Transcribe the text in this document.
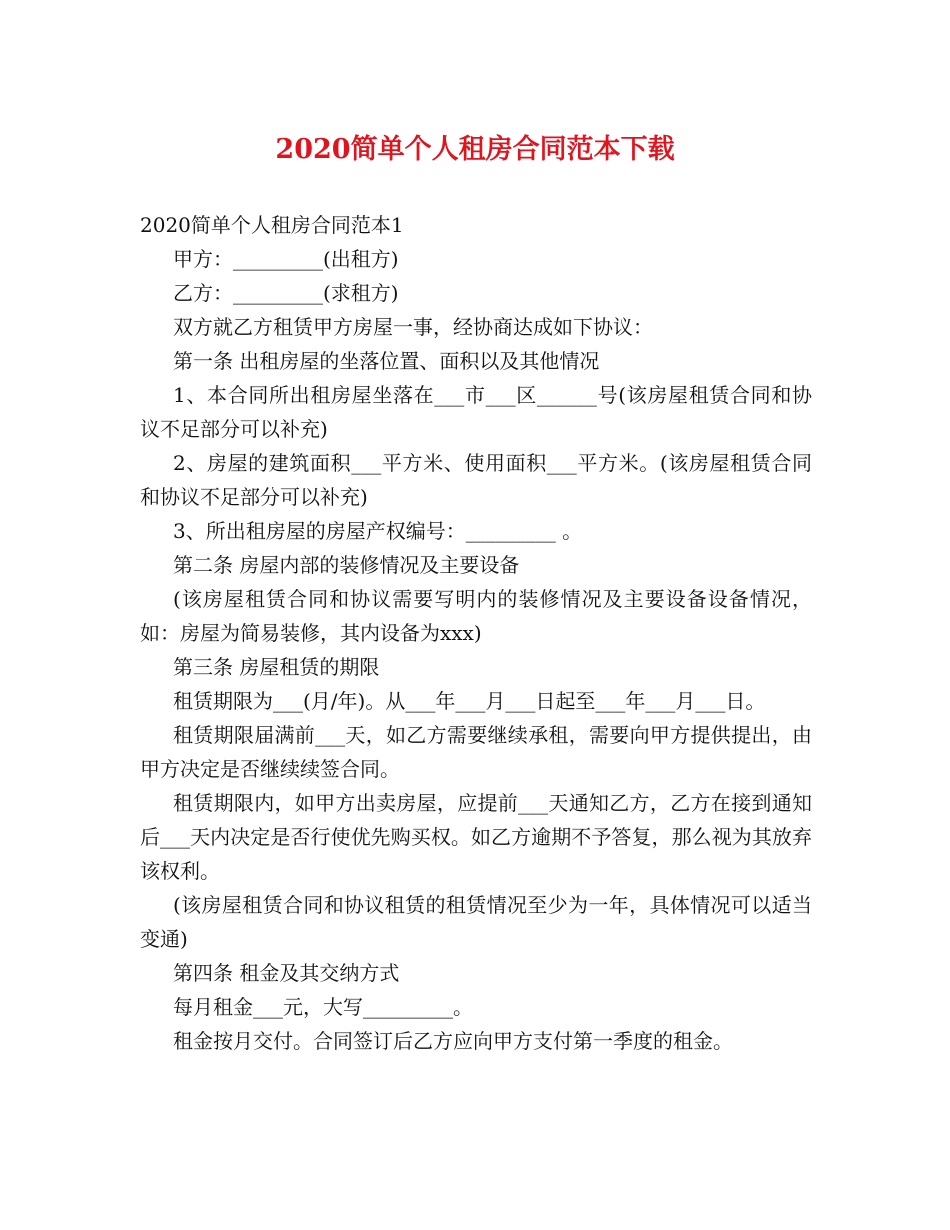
2020简单个人租房合同范本下载

2020简单个人租房合同范本1

甲方：_________(出租方)

乙方：_________(求租方)

双方就乙方租赁甲方房屋一事，经协商达成如下协议：

第一条 出租房屋的坐落位置、面积以及其他情况

1、本合同所出租房屋坐落在___市___区______号(该房屋租赁合同和协议不足部分可以补充)

2、房屋的建筑面积___平方米、使用面积___平方米。(该房屋租赁合同和协议不足部分可以补充)

3、所出租房屋的房屋产权编号：_________ 。

第二条 房屋内部的装修情况及主要设备

(该房屋租赁合同和协议需要写明内的装修情况及主要设备设备情况，如：房屋为简易装修，其内设备为xxx)

第三条 房屋租赁的期限

租赁期限为___(月/年)。从___年___月___日起至___年___月___日。

租赁期限届满前___天，如乙方需要继续承租，需要向甲方提供提出，由甲方决定是否继续续签合同。

租赁期限内，如甲方出卖房屋，应提前___天通知乙方，乙方在接到通知后___天内决定是否行使优先购买权。如乙方逾期不予答复，那么视为其放弃该权利。

(该房屋租赁合同和协议租赁的租赁情况至少为一年，具体情况可以适当变通)

第四条 租金及其交纳方式

每月租金___元，大写_________。

租金按月交付。合同签订后乙方应向甲方支付第一季度的租金。
